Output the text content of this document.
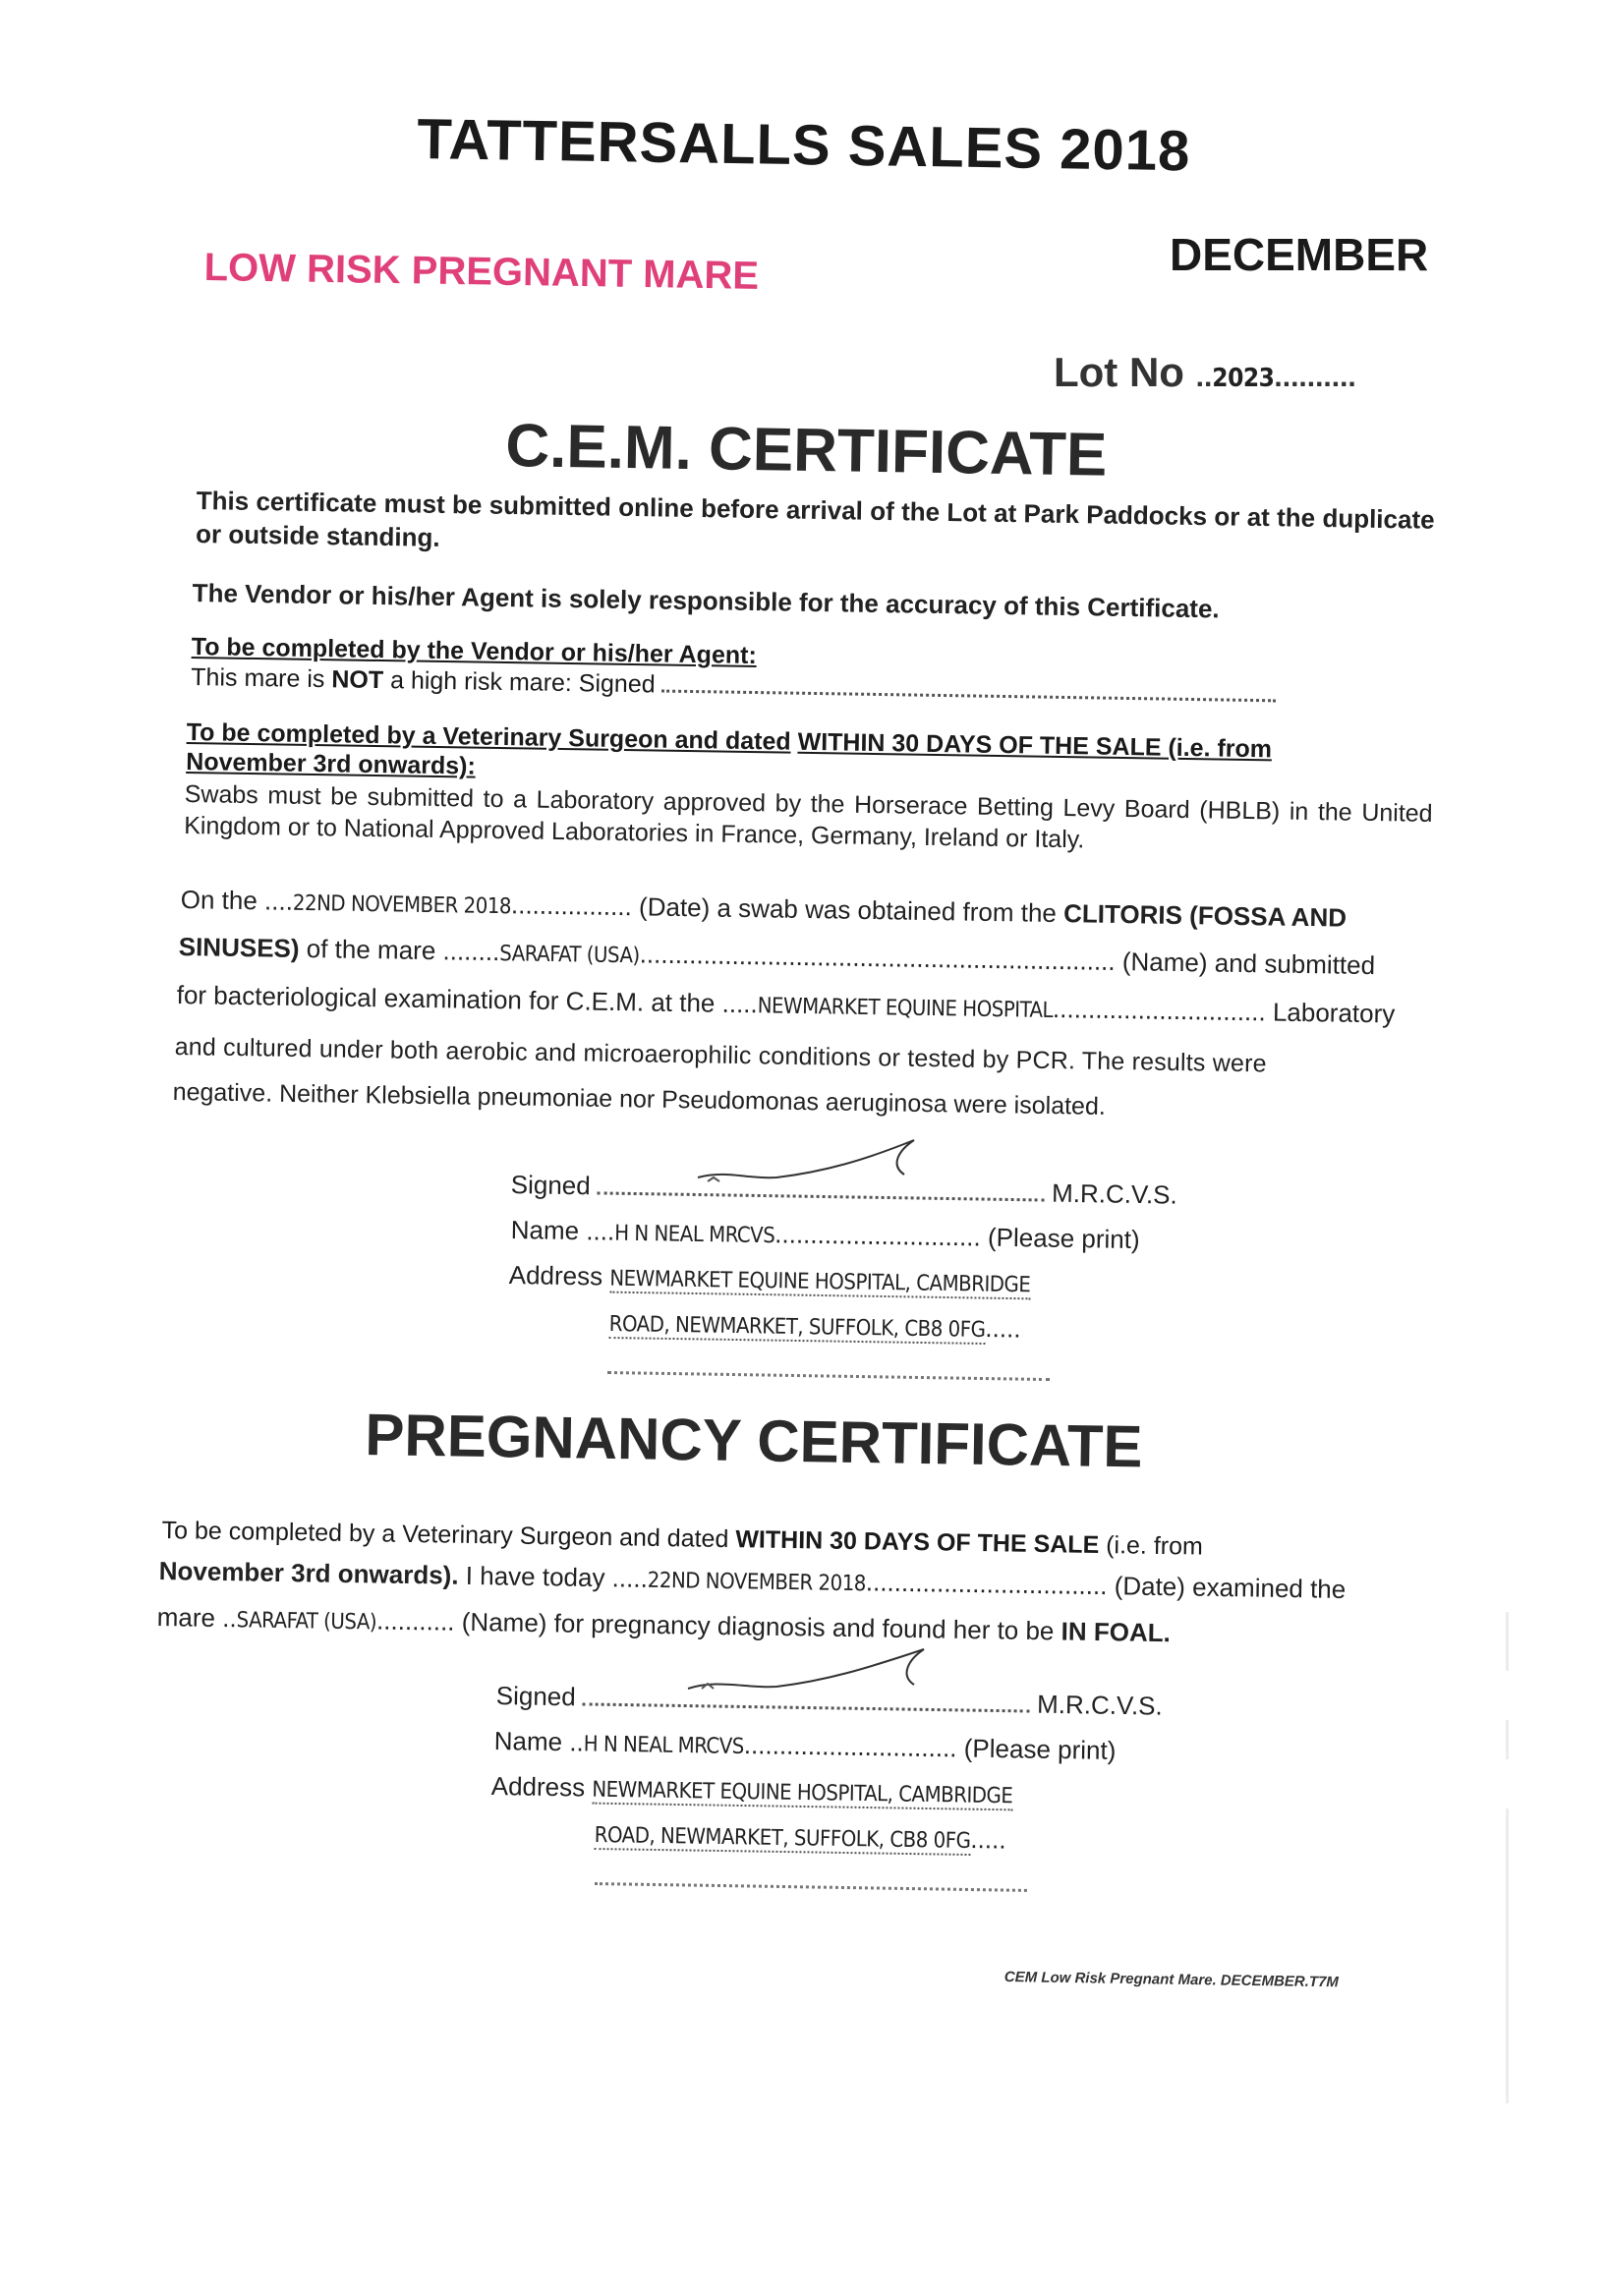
TATTERSALLS SALES 2018
DECEMBER
LOW RISK PREGNANT MARE
Lot No ..2023..........
C.E.M. CERTIFICATE

This certificate must be submitted online before arrival of the Lot at Park Paddocks or at the duplicate or outside standing.

The Vendor or his/her Agent is solely responsible for the accuracy of this Certificate.

To be completed by the Vendor or his/her Agent:
This mare is NOT a high risk mare: Signed
To be completed by a Veterinary Surgeon and dated WITHIN 30 DAYS OF THE SALE (i.e. from
November 3rd onwards):

Swabs must be submitted to a Laboratory approved by the Horserace Betting Levy Board (HBLB) in the United Kingdom or to National Approved Laboratories in France, Germany, Ireland or Italy.

On the ....22ND NOVEMBER 2018................. (Date) a swab was obtained from the CLITORIS (FOSSA AND
SINUSES) of the mare ........SARAFAT (USA)................................................................... (Name) and submitted
for bacteriological examination for C.E.M. at the .....NEWMARKET EQUINE HOSPITAL.............................. Laboratory

and cultured under both aerobic and microaerophilic conditions or tested by PCR. The results were

negative. Neither Klebsiella pneumoniae nor Pseudomonas aeruginosa were isolated.

Signed	M.R.C.V.S.
Name ....H N NEAL MRCVS............................. (Please print)
Address NEWMARKET EQUINE HOSPITAL, CAMBRIDGE
ROAD, NEWMARKET, SUFFOLK, CB8 0FG.....
PREGNANCY CERTIFICATE
To be completed by a Veterinary Surgeon and dated WITHIN 30 DAYS OF THE SALE (i.e. from
November 3rd onwards). I have today .....22ND NOVEMBER 2018.................................. (Date) examined the
mare ..SARAFAT (USA)........... (Name) for pregnancy diagnosis and found her to be IN FOAL.
Signed	M.R.C.V.S.
Name ..H N NEAL MRCVS.............................. (Please print)
Address NEWMARKET EQUINE HOSPITAL, CAMBRIDGE
ROAD, NEWMARKET, SUFFOLK, CB8 0FG.....
CEM Low Risk Pregnant Mare. DECEMBER.T7M
